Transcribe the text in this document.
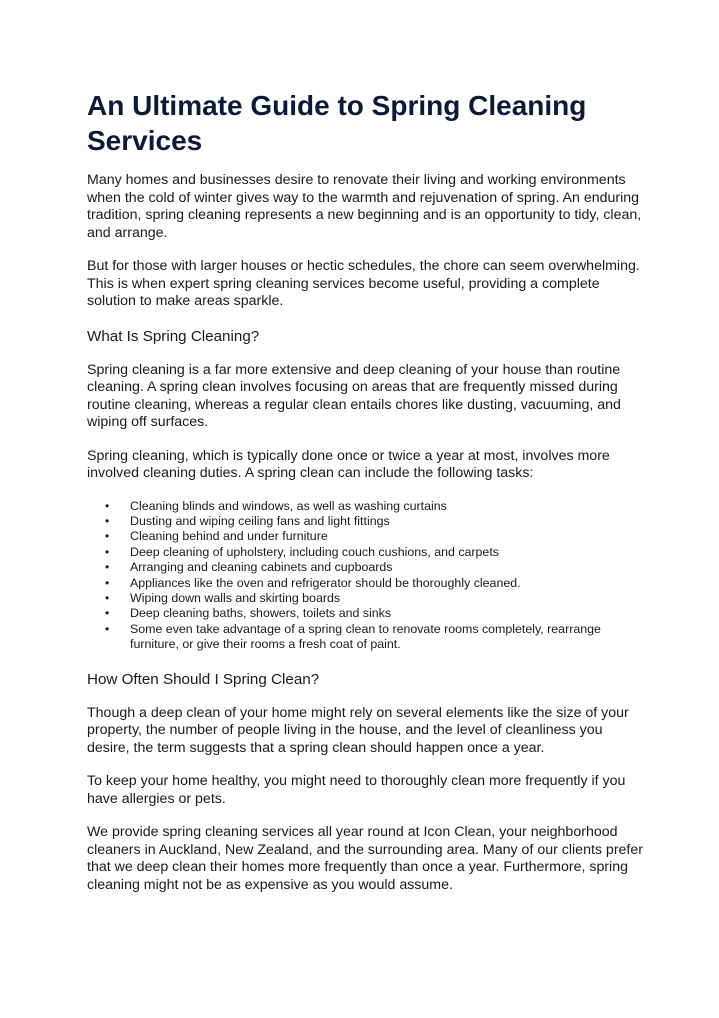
An Ultimate Guide to Spring Cleaning Services

Many homes and businesses desire to renovate their living and working environments when the cold of winter gives way to the warmth and rejuvenation of spring. An enduring tradition, spring cleaning represents a new beginning and is an opportunity to tidy, clean, and arrange.

But for those with larger houses or hectic schedules, the chore can seem overwhelming. This is when expert spring cleaning services become useful, providing a complete solution to make areas sparkle.

What Is Spring Cleaning?

Spring cleaning is a far more extensive and deep cleaning of your house than routine cleaning. A spring clean involves focusing on areas that are frequently missed during routine cleaning, whereas a regular clean entails chores like dusting, vacuuming, and wiping off surfaces.

Spring cleaning, which is typically done once or twice a year at most, involves more involved cleaning duties. A spring clean can include the following tasks:

• Cleaning blinds and windows, as well as washing curtains
• Dusting and wiping ceiling fans and light fittings
• Cleaning behind and under furniture
• Deep cleaning of upholstery, including couch cushions, and carpets
• Arranging and cleaning cabinets and cupboards
• Appliances like the oven and refrigerator should be thoroughly cleaned.
• Wiping down walls and skirting boards
• Deep cleaning baths, showers, toilets and sinks
• Some even take advantage of a spring clean to renovate rooms completely, rearrange furniture, or give their rooms a fresh coat of paint.
How Often Should I Spring Clean?

Though a deep clean of your home might rely on several elements like the size of your property, the number of people living in the house, and the level of cleanliness you desire, the term suggests that a spring clean should happen once a year.

To keep your home healthy, you might need to thoroughly clean more frequently if you have allergies or pets.

We provide spring cleaning services all year round at Icon Clean, your neighborhood cleaners in Auckland, New Zealand, and the surrounding area. Many of our clients prefer that we deep clean their homes more frequently than once a year. Furthermore, spring cleaning might not be as expensive as you would assume.
